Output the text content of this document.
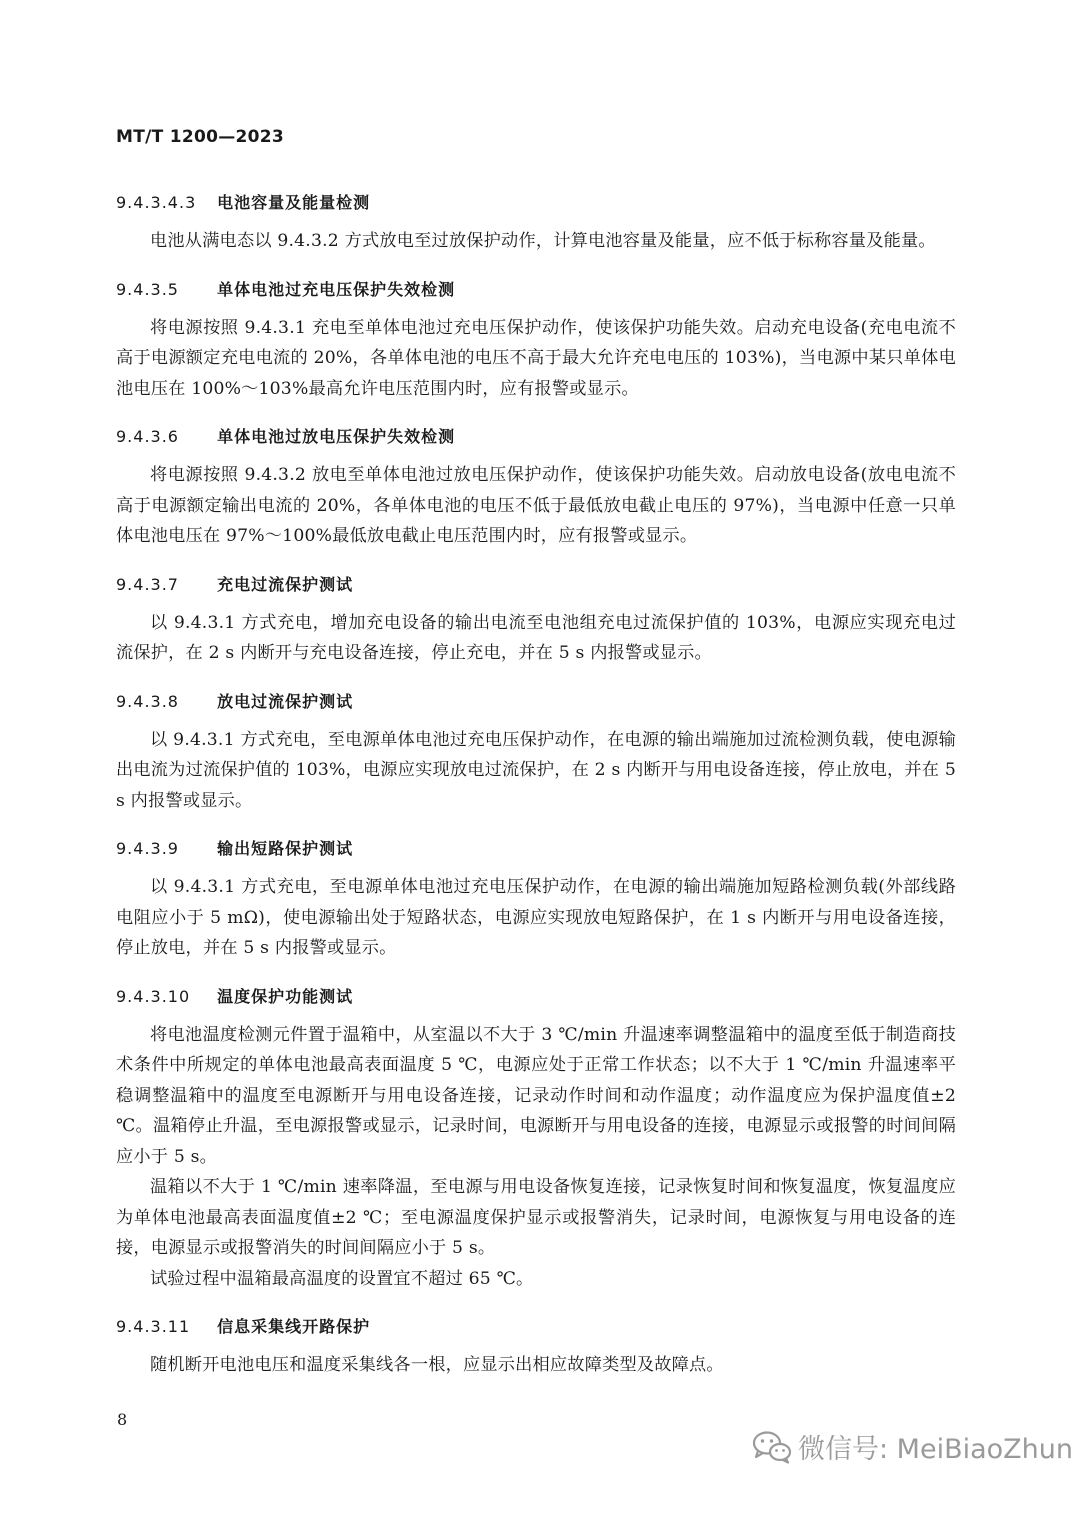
MT/T 1200—2023
9.4.3.4.3 电池容量及能量检测

电池从满电态以 9.4.3.2 方式放电至过放保护动作，计算电池容量及能量，应不低于标称容量及能量。

9.4.3.5 单体电池过充电压保护失效检测

将电源按照 9.4.3.1 充电至单体电池过充电压保护动作，使该保护功能失效。启动充电设备(充电电流不高于电源额定充电电流的 20%，各单体电池的电压不高于最大允许充电电压的 103%)，当电源中某只单体电池电压在 100%～103%最高允许电压范围内时，应有报警或显示。

9.4.3.6 单体电池过放电压保护失效检测

将电源按照 9.4.3.2 放电至单体电池过放电压保护动作，使该保护功能失效。启动放电设备(放电电流不高于电源额定输出电流的 20%，各单体电池的电压不低于最低放电截止电压的 97%)，当电源中任意一只单体电池电压在 97%～100%最低放电截止电压范围内时，应有报警或显示。

9.4.3.7 充电过流保护测试

以 9.4.3.1 方式充电，增加充电设备的输出电流至电池组充电过流保护值的 103%，电源应实现充电过流保护，在 2 s 内断开与充电设备连接，停止充电，并在 5 s 内报警或显示。

9.4.3.8 放电过流保护测试

以 9.4.3.1 方式充电，至电源单体电池过充电压保护动作，在电源的输出端施加过流检测负载，使电源输出电流为过流保护值的 103%，电源应实现放电过流保护，在 2 s 内断开与用电设备连接，停止放电，并在 5 s 内报警或显示。

9.4.3.9 输出短路保护测试

以 9.4.3.1 方式充电，至电源单体电池过充电压保护动作，在电源的输出端施加短路检测负载(外部线路电阻应小于 5 mΩ)，使电源输出处于短路状态，电源应实现放电短路保护，在 1 s 内断开与用电设备连接，停止放电，并在 5 s 内报警或显示。

9.4.3.10 温度保护功能测试

将电池温度检测元件置于温箱中，从室温以不大于 3 ℃/min 升温速率调整温箱中的温度至低于制造商技术条件中所规定的单体电池最高表面温度 5 ℃，电源应处于正常工作状态；以不大于 1 ℃/min 升温速率平稳调整温箱中的温度至电源断开与用电设备连接，记录动作时间和动作温度；动作温度应为保护温度值±2 ℃。温箱停止升温，至电源报警或显示，记录时间，电源断开与用电设备的连接，电源显示或报警的时间间隔应小于 5 s。

温箱以不大于 1 ℃/min 速率降温，至电源与用电设备恢复连接，记录恢复时间和恢复温度，恢复温度应为单体电池最高表面温度值±2 ℃；至电源温度保护显示或报警消失，记录时间，电源恢复与用电设备的连接，电源显示或报警消失的时间间隔应小于 5 s。

试验过程中温箱最高温度的设置宜不超过 65 ℃。

9.4.3.11 信息采集线开路保护

随机断开电池电压和温度采集线各一根，应显示出相应故障类型及故障点。

8
微信号: MeiBiaoZhun
